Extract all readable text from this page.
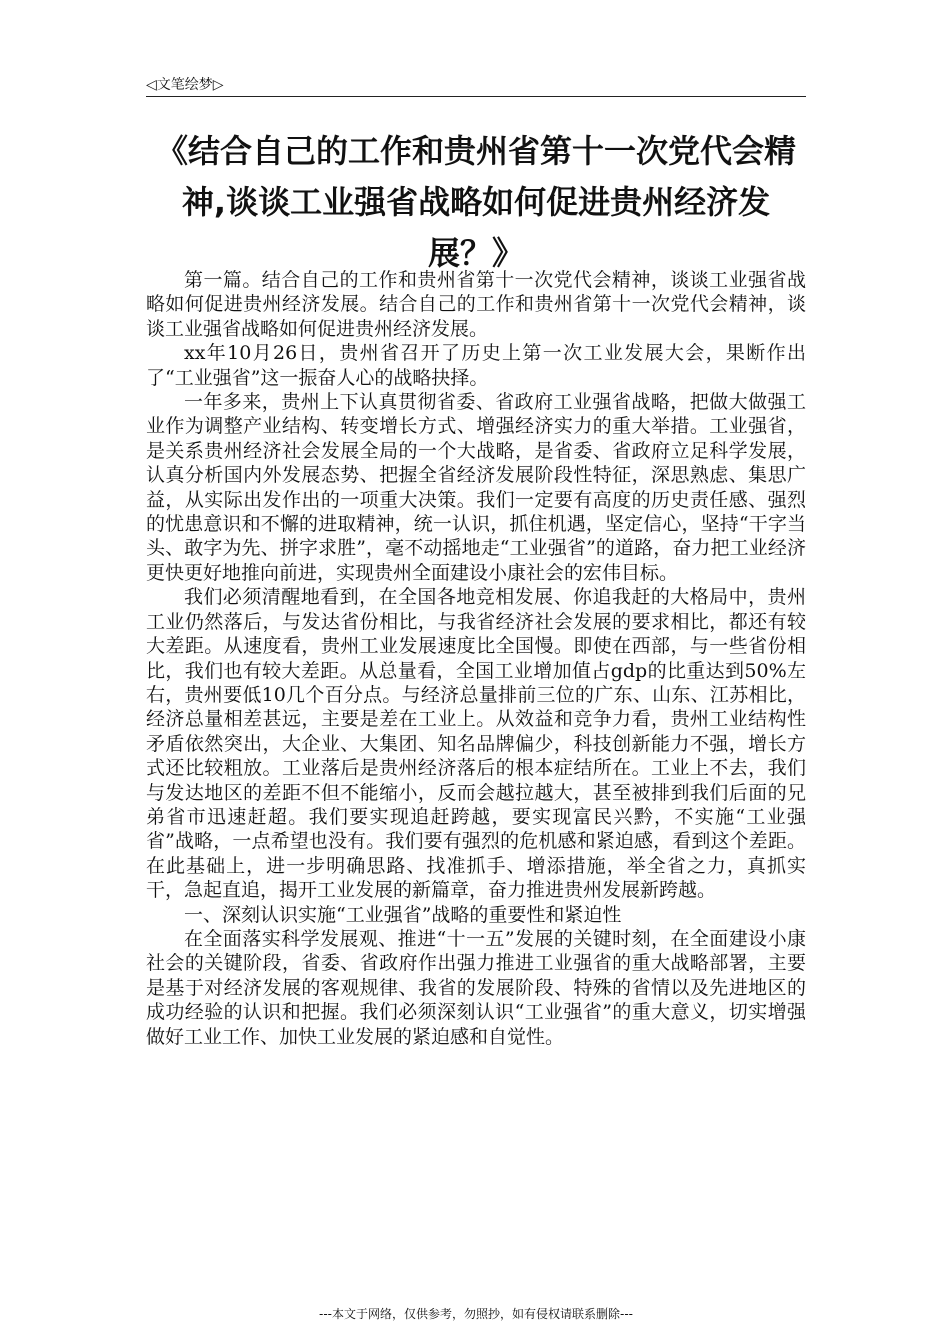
◁文笔绘梦▷
《结合自己的工作和贵州省第十一次党代会精神,谈谈工业强省战略如何促进贵州经济发展？》

第一篇。结合自己的工作和贵州省第十一次党代会精神，谈谈工业强省战略如何促进贵州经济发展。结合自己的工作和贵州省第十一次党代会精神，谈谈工业强省战略如何促进贵州经济发展。

xx年10月26日，贵州省召开了历史上第一次工业发展大会，果断作出了“工业强省”这一振奋人心的战略抉择。

一年多来，贵州上下认真贯彻省委、省政府工业强省战略，把做大做强工业作为调整产业结构、转变增长方式、增强经济实力的重大举措。工业强省，是关系贵州经济社会发展全局的一个大战略，是省委、省政府立足科学发展，认真分析国内外发展态势、把握全省经济发展阶段性特征，深思熟虑、集思广益，从实际出发作出的一项重大决策。我们一定要有高度的历史责任感、强烈的忧患意识和不懈的进取精神，统一认识，抓住机遇，坚定信心，坚持“干字当头、敢字为先、拼字求胜”，毫不动摇地走“工业强省”的道路，奋力把工业经济更快更好地推向前进，实现贵州全面建设小康社会的宏伟目标。

我们必须清醒地看到，在全国各地竞相发展、你追我赶的大格局中，贵州工业仍然落后，与发达省份相比，与我省经济社会发展的要求相比，都还有较大差距。从速度看，贵州工业发展速度比全国慢。即使在西部，与一些省份相比，我们也有较大差距。从总量看，全国工业增加值占gdp的比重达到50%左右，贵州要低10几个百分点。与经济总量排前三位的广东、山东、江苏相比，经济总量相差甚远，主要是差在工业上。从效益和竞争力看，贵州工业结构性矛盾依然突出，大企业、大集团、知名品牌偏少，科技创新能力不强，增长方式还比较粗放。工业落后是贵州经济落后的根本症结所在。工业上不去，我们与发达地区的差距不但不能缩小，反而会越拉越大，甚至被排到我们后面的兄弟省市迅速赶超。我们要实现追赶跨越，要实现富民兴黔，不实施“工业强省”战略，一点希望也没有。我们要有强烈的危机感和紧迫感，看到这个差距。在此基础上，进一步明确思路、找准抓手、增添措施，举全省之力，真抓实干，急起直追，揭开工业发展的新篇章，奋力推进贵州发展新跨越。

一、深刻认识实施“工业强省”战略的重要性和紧迫性

在全面落实科学发展观、推进“十一五”发展的关键时刻，在全面建设小康社会的关键阶段，省委、省政府作出强力推进工业强省的重大战略部署，主要是基于对经济发展的客观规律、我省的发展阶段、特殊的省情以及先进地区的成功经验的认识和把握。我们必须深刻认识“工业强省”的重大意义，切实增强做好工业工作、加快工业发展的紧迫感和自觉性。

---本文于网络，仅供参考，勿照抄，如有侵权请联系删除---
